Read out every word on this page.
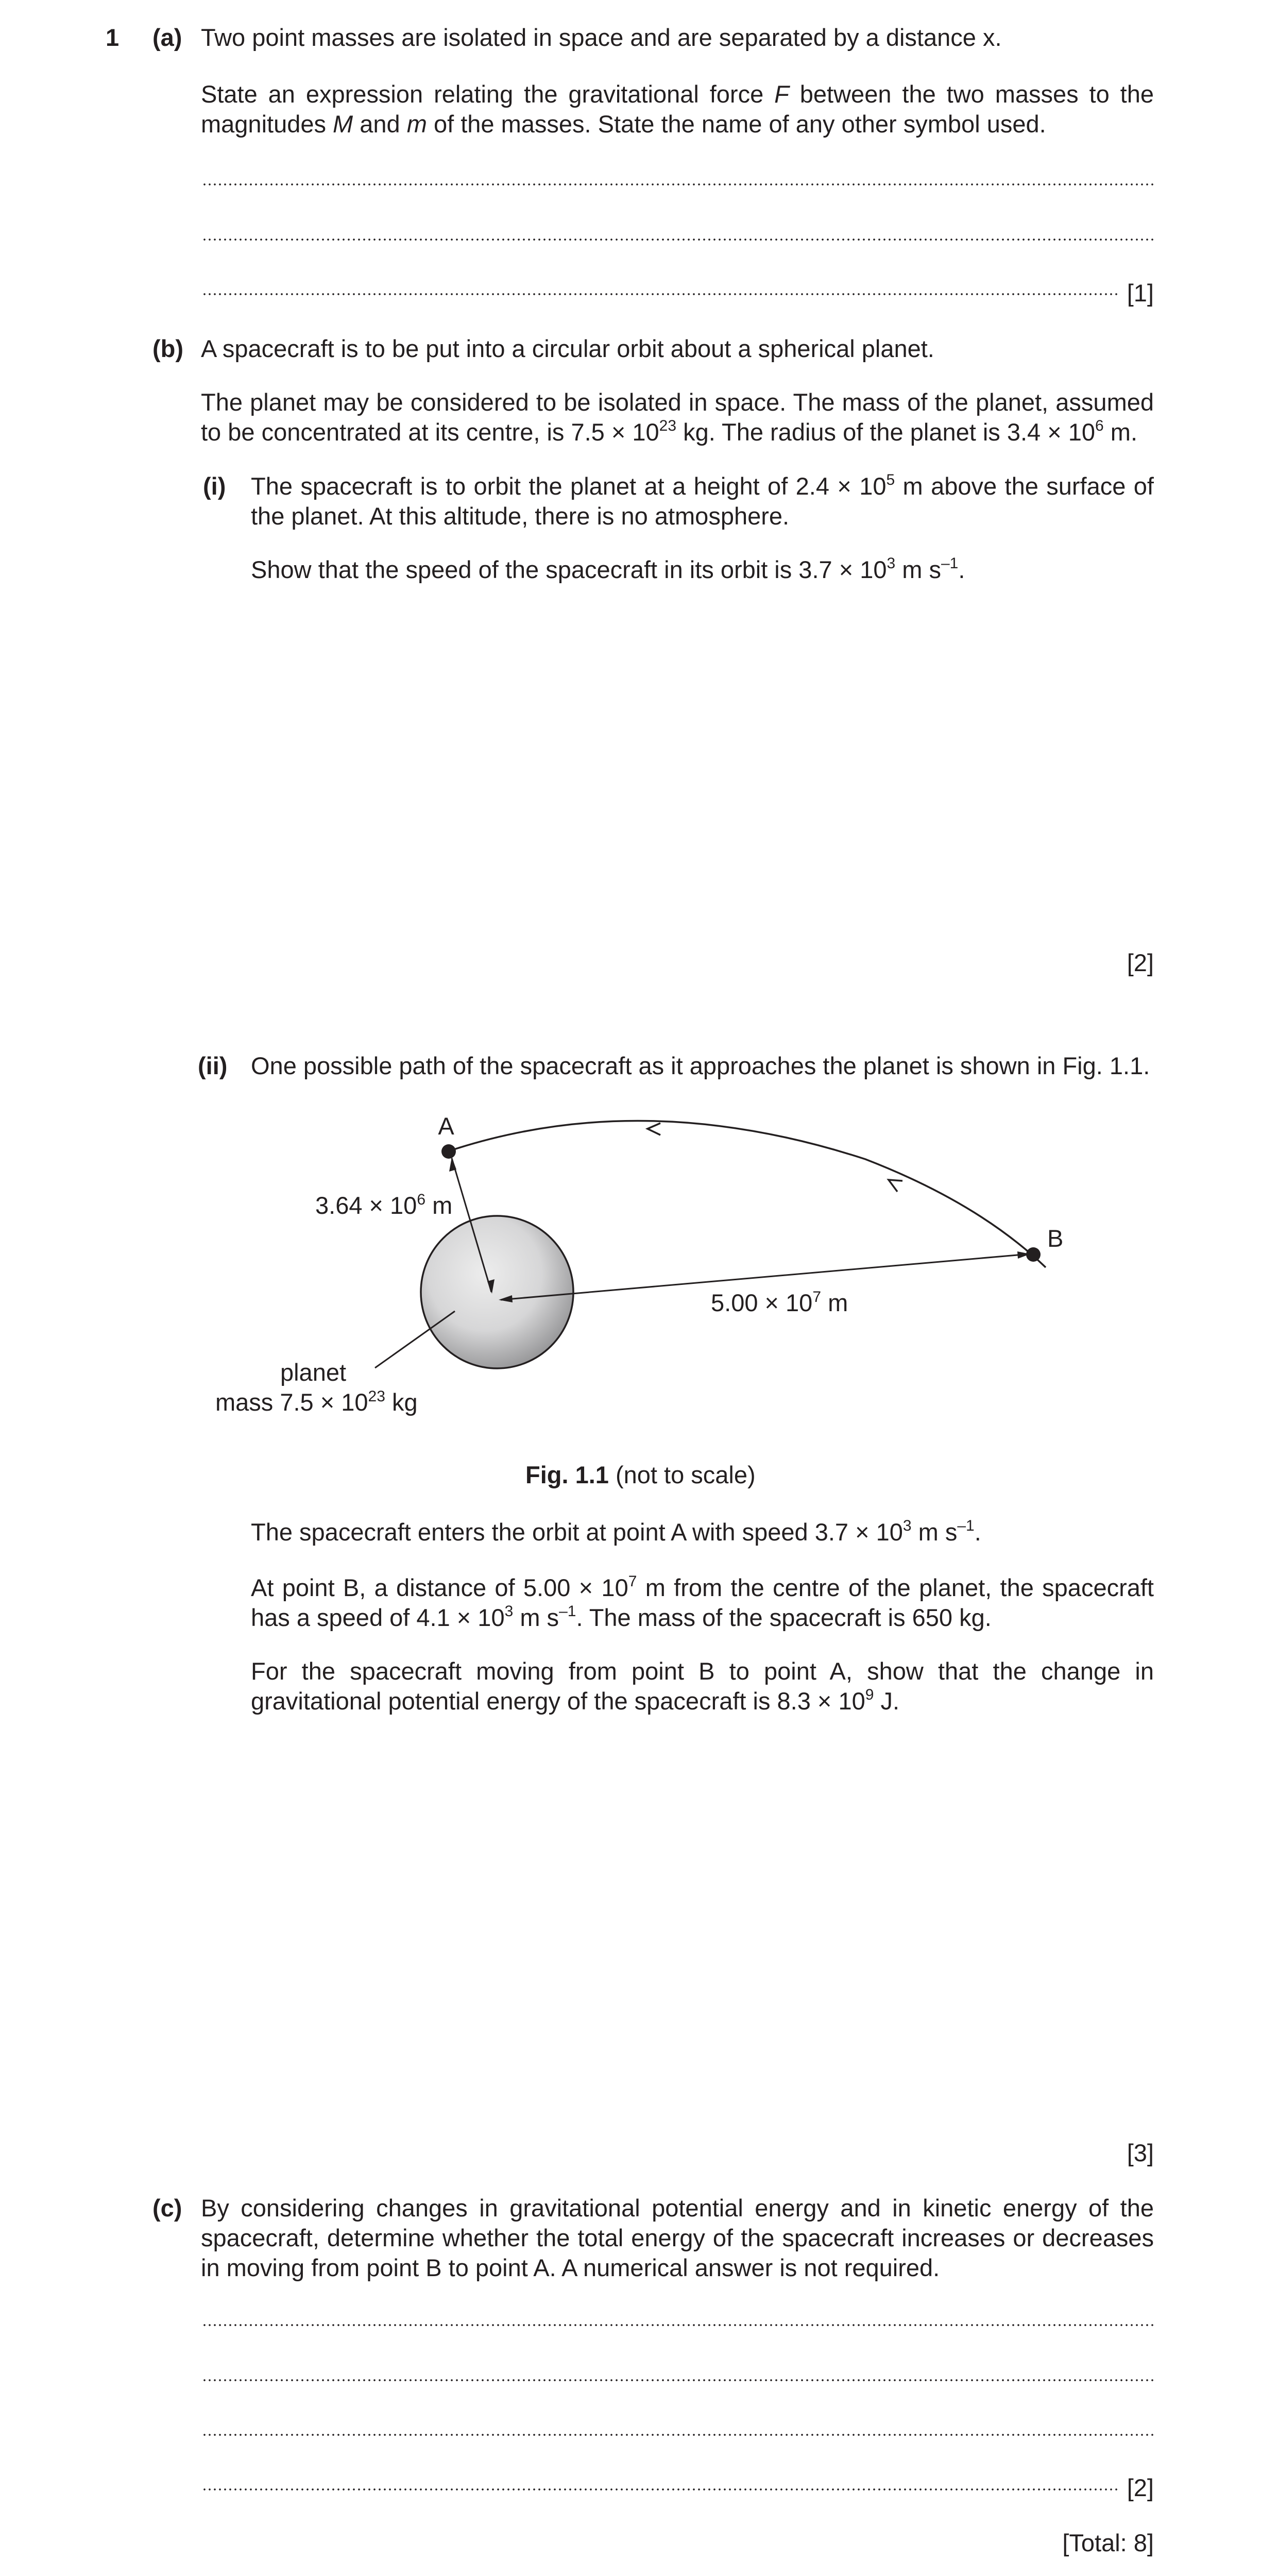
1 (a) Two point masses are isolated in space and are separated by a distance x.
State an expression relating the gravitational force F between the two masses to the magnitudes M and m of the masses. State the name of any other symbol used.
[1]
(b) A spacecraft is to be put into a circular orbit about a spherical planet.
The planet may be considered to be isolated in space. The mass of the planet, assumed to be concentrated at its centre, is $7.5 \times 10^{23}$ kg. The radius of the planet is $3.4 \times 10^6$ m.
(i) The spacecraft is to orbit the planet at a height of $2.4 \times 10^5$ m above the surface of the planet. At this altitude, there is no atmosphere.
Show that the speed of the spacecraft in its orbit is $3.7 \times 10^3$ m $s^{-1}$.
[2]
(ii) One possible path of the spacecraft as it approaches the planet is shown in Fig. 1.1.
A
B
$3.64 \times 10^6$ m
$5.00 \times 10^7$ m
planet
mass $7.5 \times 10^{23}$ kg
Fig. 1.1 (not to scale)
The spacecraft enters the orbit at point A with speed $3.7 \times 10^3$ m $s^{-1}$.
At point B, a distance of $5.00 \times 10^7$ m from the centre of the planet, the spacecraft has a speed of $4.1 \times 10^3$ m $s^{-1}$. The mass of the spacecraft is 650 kg.
For the spacecraft moving from point B to point A, show that the change in gravitational potential energy of the spacecraft is $8.3 \times 10^9$ J.
[3]
(c) By considering changes in gravitational potential energy and in kinetic energy of the spacecraft, determine whether the total energy of the spacecraft increases or decreases in moving from point B to point A. A numerical answer is not required.
[2]
[Total: 8]
